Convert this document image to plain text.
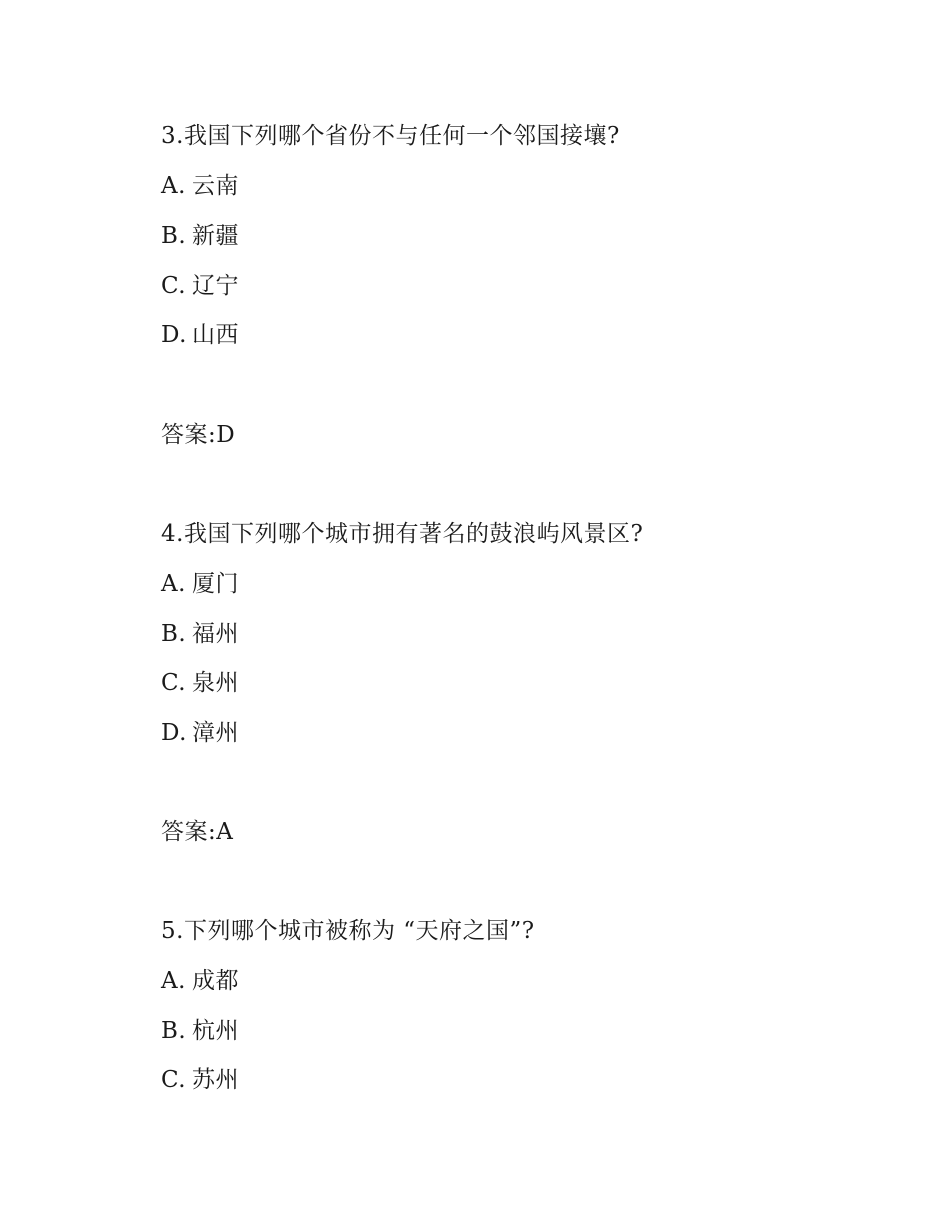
3.我国下列哪个省份不与任何一个邻国接壤?
A. 云南
B. 新疆
C. 辽宁
D. 山西
答案:D
4.我国下列哪个城市拥有著名的鼓浪屿风景区?
A. 厦门
B. 福州
C. 泉州
D. 漳州
答案:A
5.下列哪个城市被称为 “天府之国”?
A. 成都
B. 杭州
C. 苏州
